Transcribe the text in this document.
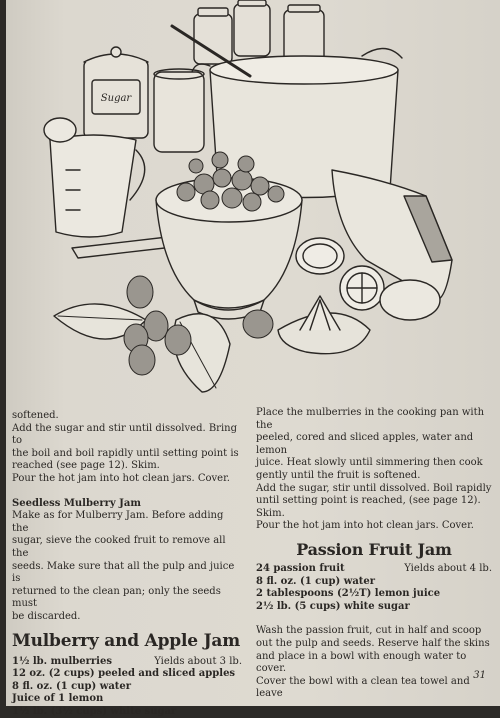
Sugar

softened.

Add the sugar and stir until dissolved. Bring to

the boil and boil rapidly until setting point is

reached (see page 12). Skim.

Pour the hot jam into hot clean jars. Cover.

Seedless Mulberry Jam

Make as for Mulberry Jam. Before adding the

sugar, sieve the cooked fruit to remove all the

seeds. Make sure that all the pulp and juice is

returned to the clean pan; only the seeds must

be discarded.

Mulberry and Apple Jam

1½ lb. mulberries	Yields about 3 lb.

12 oz. (2 cups) peeled and sliced apples

8 fl. oz. (1 cup) water

Juice of 1 lemon

1½ lb. (3½ cups) white sugar

Place the mulberries in the cooking pan with the

peeled, cored and sliced apples, water and lemon

juice. Heat slowly until simmering then cook

gently until the fruit is softened.

Add the sugar, stir until dissolved. Boil rapidly

until setting point is reached, (see page 12).

Skim.

Pour the hot jam into hot clean jars. Cover.

Passion Fruit Jam

24 passion fruit	Yields about 4 lb.

8 fl. oz. (1 cup) water

2 tablespoons (2½T) lemon juice

2½ lb. (5 cups) white sugar

Wash the passion fruit, cut in half and scoop

out the pulp and seeds. Reserve half the skins

and place in a bowl with enough water to cover.

Cover the bowl with a clean tea towel and leave

31
